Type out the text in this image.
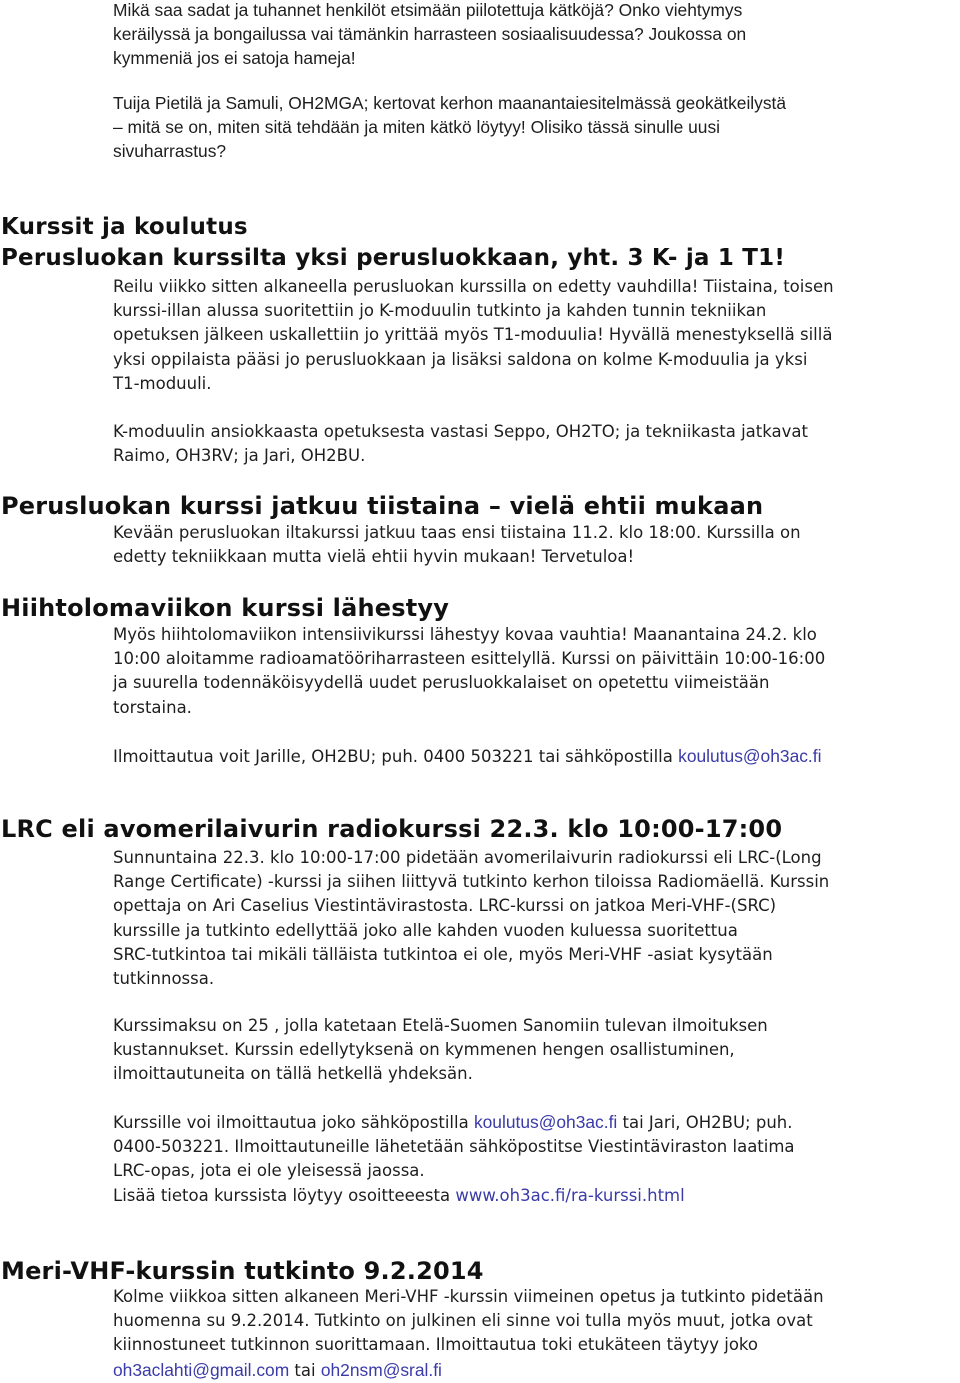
Mikä saa sadat ja tuhannet henkilöt etsimään piilotettuja kätköjä? Onko viehtymys
keräilyssä ja bongailussa vai tämänkin harrasteen sosiaalisuudessa? Joukossa on
kymmeniä jos ei satoja hameja!

Tuija Pietilä ja Samuli, OH2MGA; kertovat kerhon maanantaiesitelmässä geokätkeilystä
– mitä se on, miten sitä tehdään ja miten kätkö löytyy! Olisiko tässä sinulle uusi
sivuharrastus?

Kurssit ja koulutus
Perusluokan kurssilta yksi perusluokkaan, yht. 3 K- ja 1 T1!

Reilu viikko sitten alkaneella perusluokan kurssilla on edetty vauhdilla! Tiistaina, toisen
kurssi-illan alussa suoritettiin jo K-moduulin tutkinto ja kahden tunnin tekniikan
opetuksen jälkeen uskallettiin jo yrittää myös T1-moduulia! Hyvällä menestyksellä sillä
yksi oppilaista pääsi jo perusluokkaan ja lisäksi saldona on kolme K-moduulia ja yksi
T1-moduuli.

K-moduulin ansiokkaasta opetuksesta vastasi Seppo, OH2TO; ja tekniikasta jatkavat
Raimo, OH3RV; ja Jari, OH2BU.

Perusluokan kurssi jatkuu tiistaina – vielä ehtii mukaan

Kevään perusluokan iltakurssi jatkuu taas ensi tiistaina 11.2. klo 18:00. Kurssilla on
edetty tekniikkaan mutta vielä ehtii hyvin mukaan! Tervetuloa!

Hiihtolomaviikon kurssi lähestyy

Myös hiihtolomaviikon intensiivikurssi lähestyy kovaa vauhtia! Maanantaina 24.2. klo
10:00 aloitamme radioamatööriharrasteen esittelyllä. Kurssi on päivittäin 10:00-16:00
ja suurella todennäköisyydellä uudet perusluokkalaiset on opetettu viimeistään
torstaina.

Ilmoittautua voit Jarille, OH2BU; puh. 0400 503221 tai sähköpostilla koulutus@oh3ac.fi

LRC eli avomerilaivurin radiokurssi 22.3. klo 10:00-17:00

Sunnuntaina 22.3. klo 10:00-17:00 pidetään avomerilaivurin radiokurssi eli LRC-(Long
Range Certificate) -kurssi ja siihen liittyvä tutkinto kerhon tiloissa Radiomäellä. Kurssin
opettaja on Ari Caselius Viestintävirastosta. LRC-kurssi on jatkoa Meri-VHF-(SRC)
kurssille ja tutkinto edellyttää joko alle kahden vuoden kuluessa suoritettua
SRC-tutkintoa tai mikäli tälläista tutkintoa ei ole, myös Meri-VHF -asiat kysytään
tutkinnossa.

Kurssimaksu on 25 , jolla katetaan Etelä-Suomen Sanomiin tulevan ilmoituksen
kustannukset. Kurssin edellytyksenä on kymmenen hengen osallistuminen,
ilmoittautuneita on tällä hetkellä yhdeksän.

Kurssille voi ilmoittautua joko sähköpostilla koulutus@oh3ac.fi tai Jari, OH2BU; puh.
0400-503221. Ilmoittautuneille lähetetään sähköpostitse Viestintäviraston laatima
LRC-opas, jota ei ole yleisessä jaossa.
Lisää tietoa kurssista löytyy osoitteeesta www.oh3ac.fi/ra-kurssi.html

Meri-VHF-kurssin tutkinto 9.2.2014

Kolme viikkoa sitten alkaneen Meri-VHF -kurssin viimeinen opetus ja tutkinto pidetään
huomenna su 9.2.2014. Tutkinto on julkinen eli sinne voi tulla myös muut, jotka ovat
kiinnostuneet tutkinnon suorittamaan. Ilmoittautua toki etukäteen täytyy joko
oh3aclahti@gmail.com tai oh2nsm@sral.fi
